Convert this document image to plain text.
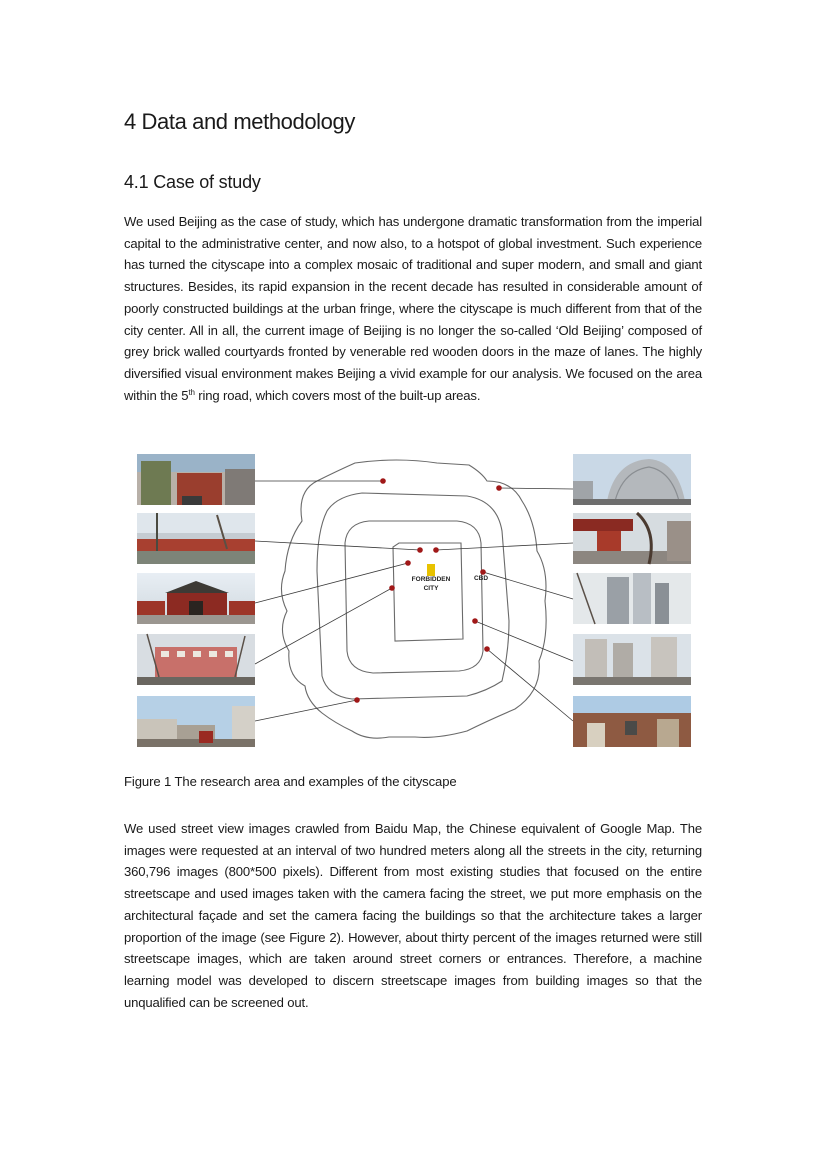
4 Data and methodology
4.1 Case of study

We used Beijing as the case of study, which has undergone dramatic transformation from the imperial capital to the administrative center, and now also, to a hotspot of global investment. Such experience has turned the cityscape into a complex mosaic of traditional and super modern, and small and giant structures. Besides, its rapid expansion in the recent decade has resulted in considerable amount of poorly constructed buildings at the urban fringe, where the cityscape is much different from that of the city center. All in all, the current image of Beijing is no longer the so-called ‘Old Beijing’ composed of grey brick walled courtyards fronted by venerable red wooden doors in the maze of lanes. The highly diversified visual environment makes Beijing a vivid example for our analysis. We focused on the area within the 5th ring road, which covers most of the built-up areas.

FORBIDDEN
CITY
CBD

Figure 1 The research area and examples of the cityscape

We used street view images crawled from Baidu Map, the Chinese equivalent of Google Map. The images were requested at an interval of two hundred meters along all the streets in the city, returning 360,796 images (800*500 pixels). Different from most existing studies that focused on the entire streetscape and used images taken with the camera facing the street, we put more emphasis on the architectural façade and set the camera facing the buildings so that the architecture takes a larger proportion of the image (see Figure 2). However, about thirty percent of the images returned were still streetscape images, which are taken around street corners or entrances. Therefore, a machine learning model was developed to discern streetscape images from building images so that the unqualified can be screened out.
